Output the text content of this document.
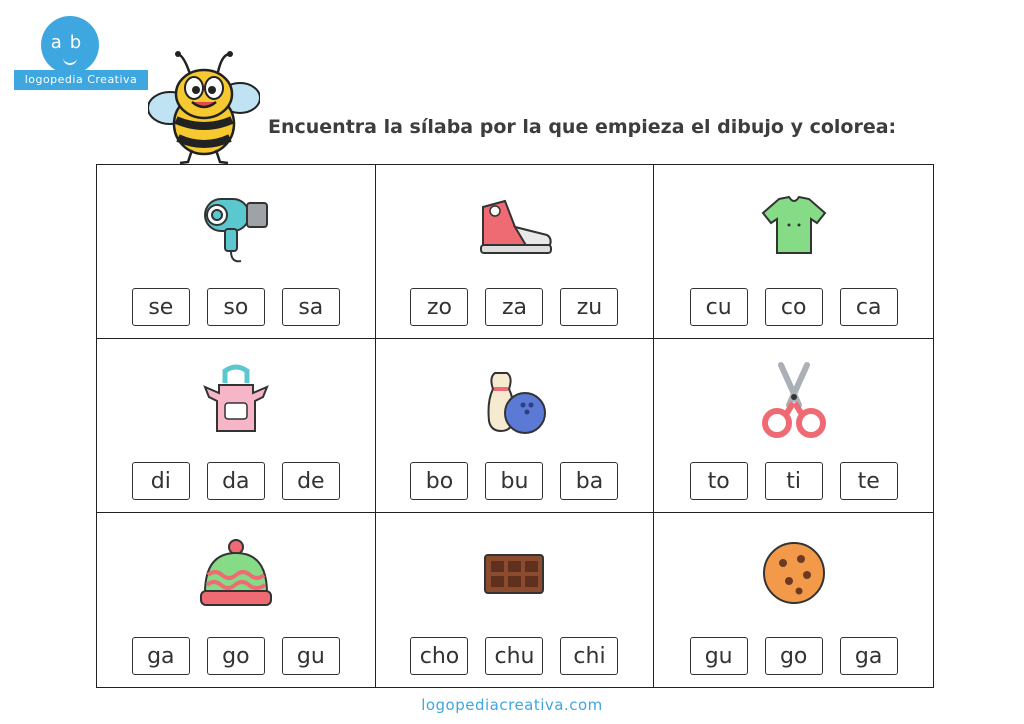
ab
logopedia Creativa
Encuentra la sílaba por la que empieza el dibujo y colorea:
se	so	sa	zo	za	zu	cu	co	ca
di	da	de	bo	bu	ba	to	ti	te
ga	go	gu	cho	chu	chi	gu	go	ga
logopediacreativa.com
